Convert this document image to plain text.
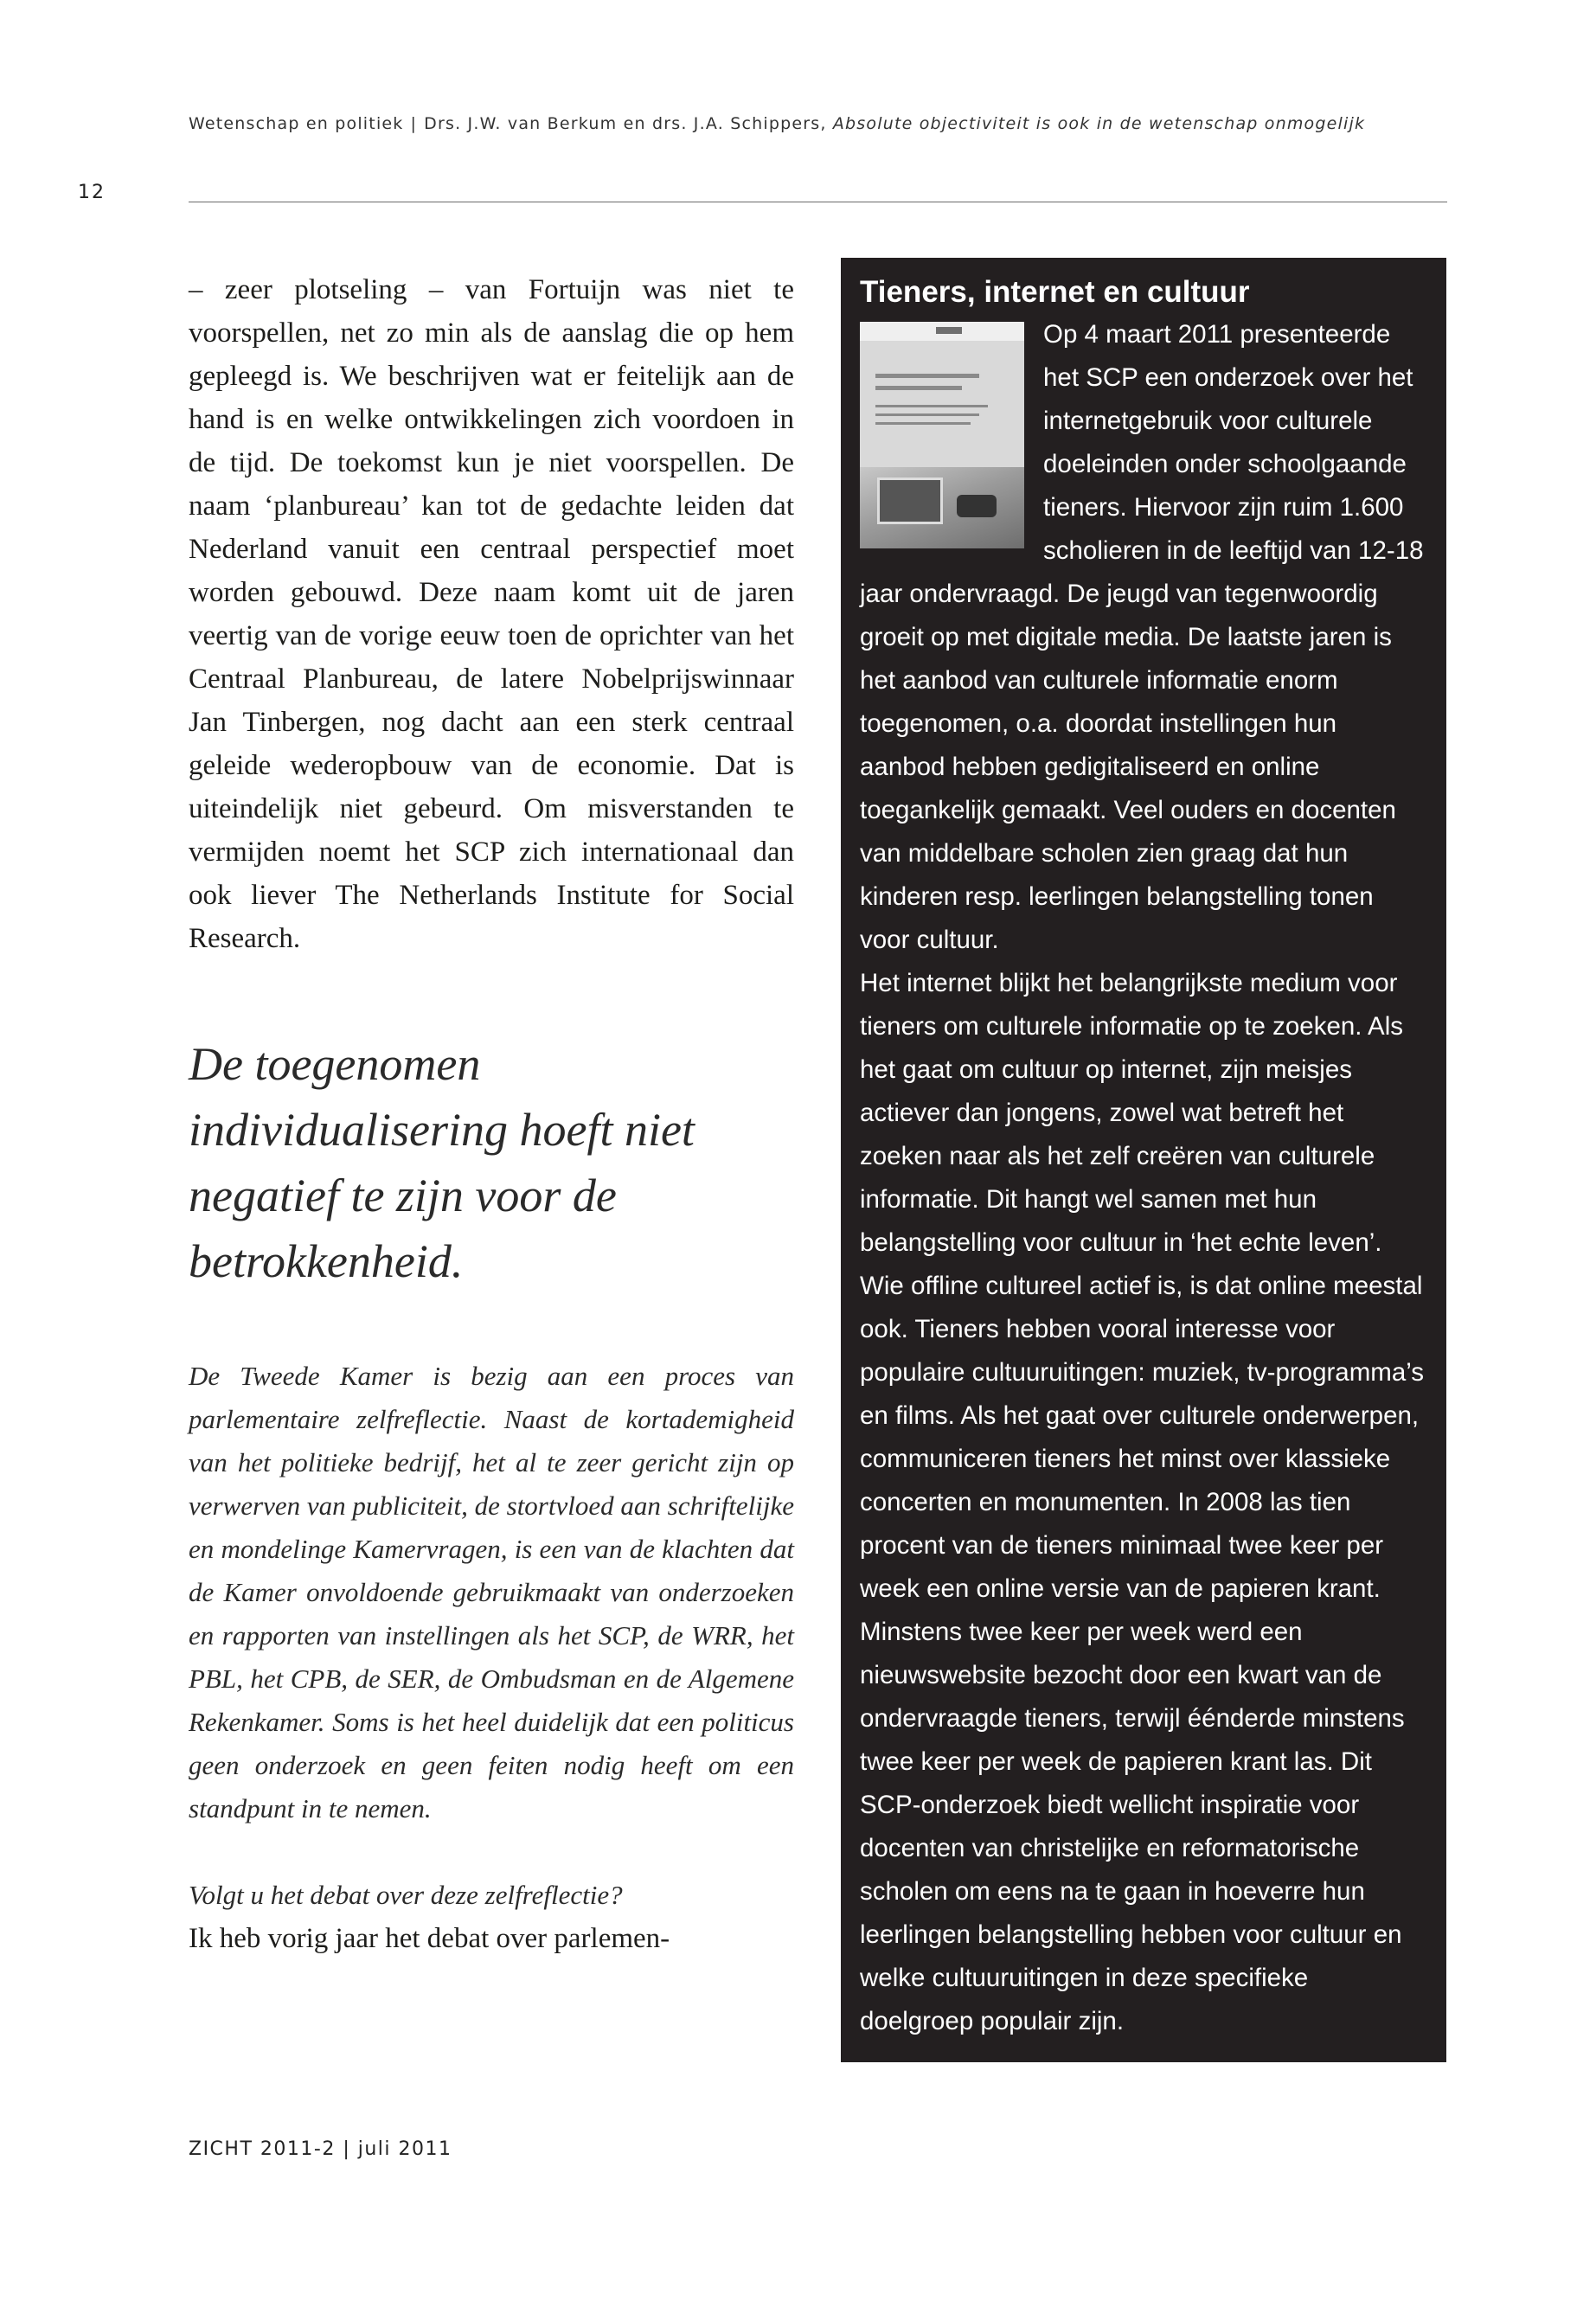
Wetenschap en politiek | Drs. J.W. van Berkum en drs. J.A. Schippers, Absolute objectiviteit is ook in de wetenschap onmogelijk
12

– zeer plotseling – van Fortuijn was niet te voorspellen, net zo min als de aanslag die op hem gepleegd is. We beschrijven wat er feitelijk aan de hand is en welke ontwikkelingen zich voordoen in de tijd. De toekomst kun je niet voorspellen. De naam ‘planbureau’ kan tot de gedachte leiden dat Nederland vanuit een centraal perspectief moet worden gebouwd. Deze naam komt uit de jaren veertig van de vorige eeuw toen de oprichter van het Centraal Planbureau, de latere Nobelprijswinnaar Jan Tinbergen, nog dacht aan een sterk centraal geleide wederopbouw van de economie. Dat is uiteindelijk niet gebeurd. Om misverstanden te vermijden noemt het SCP zich internationaal dan ook liever The Netherlands Institute for Social Research.

De toegenomen individualisering hoeft niet negatief te zijn voor de betrokkenheid.

De Tweede Kamer is bezig aan een proces van parlementaire zelfreflectie. Naast de kortademigheid van het politieke bedrijf, het al te zeer gericht zijn op verwerven van publiciteit, de stortvloed aan schriftelijke en mondelinge Kamervragen, is een van de klachten dat de Kamer onvoldoende gebruikmaakt van onderzoeken en rapporten van instellingen als het SCP, de WRR, het PBL, het CPB, de SER, de Ombudsman en de Algemene Rekenkamer. Soms is het heel duidelijk dat een politicus geen onderzoek en geen feiten nodig heeft om een standpunt in te nemen.

Volgt u het debat over deze zelfreflectie?

Ik heb vorig jaar het debat over parlemen-

Tieners, internet en cultuur

Op 4 maart 2011 presenteerde het SCP een onderzoek over het internetgebruik voor culturele doeleinden onder schoolgaande tieners. Hiervoor zijn ruim 1.600 scholieren in de leeftijd van 12-18 jaar ondervraagd. De jeugd van tegenwoordig groeit op met digitale media. De laatste jaren is het aanbod van culturele informatie enorm toegenomen, o.a. doordat instellingen hun aanbod hebben gedigitaliseerd en online toegankelijk gemaakt. Veel ouders en docenten van middelbare scholen zien graag dat hun kinderen resp. leerlingen belangstelling tonen voor cultuur.

Het internet blijkt het belangrijkste medium voor tieners om culturele informatie op te zoeken. Als het gaat om cultuur op internet, zijn meisjes actiever dan jongens, zowel wat betreft het zoeken naar als het zelf creëren van culturele informatie. Dit hangt wel samen met hun belangstelling voor cultuur in ‘het echte leven’. Wie offline cultureel actief is, is dat online meestal ook. Tieners hebben vooral interesse voor populaire cultuuruitingen: muziek, tv-programma’s en films. Als het gaat over culturele onderwerpen, communiceren tieners het minst over klassieke concerten en monumenten. In 2008 las tien procent van de tieners minimaal twee keer per week een online versie van de papieren krant. Minstens twee keer per week werd een nieuwswebsite bezocht door een kwart van de ondervraagde tieners, terwijl éénderde minstens twee keer per week de papieren krant las. Dit SCP-onderzoek biedt wellicht inspiratie voor docenten van christelijke en reformatorische scholen om eens na te gaan in hoeverre hun leerlingen belangstelling hebben voor cultuur en welke cultuuruitingen in deze specifieke doelgroep populair zijn.

ZICHT 2011-2 | juli 2011
